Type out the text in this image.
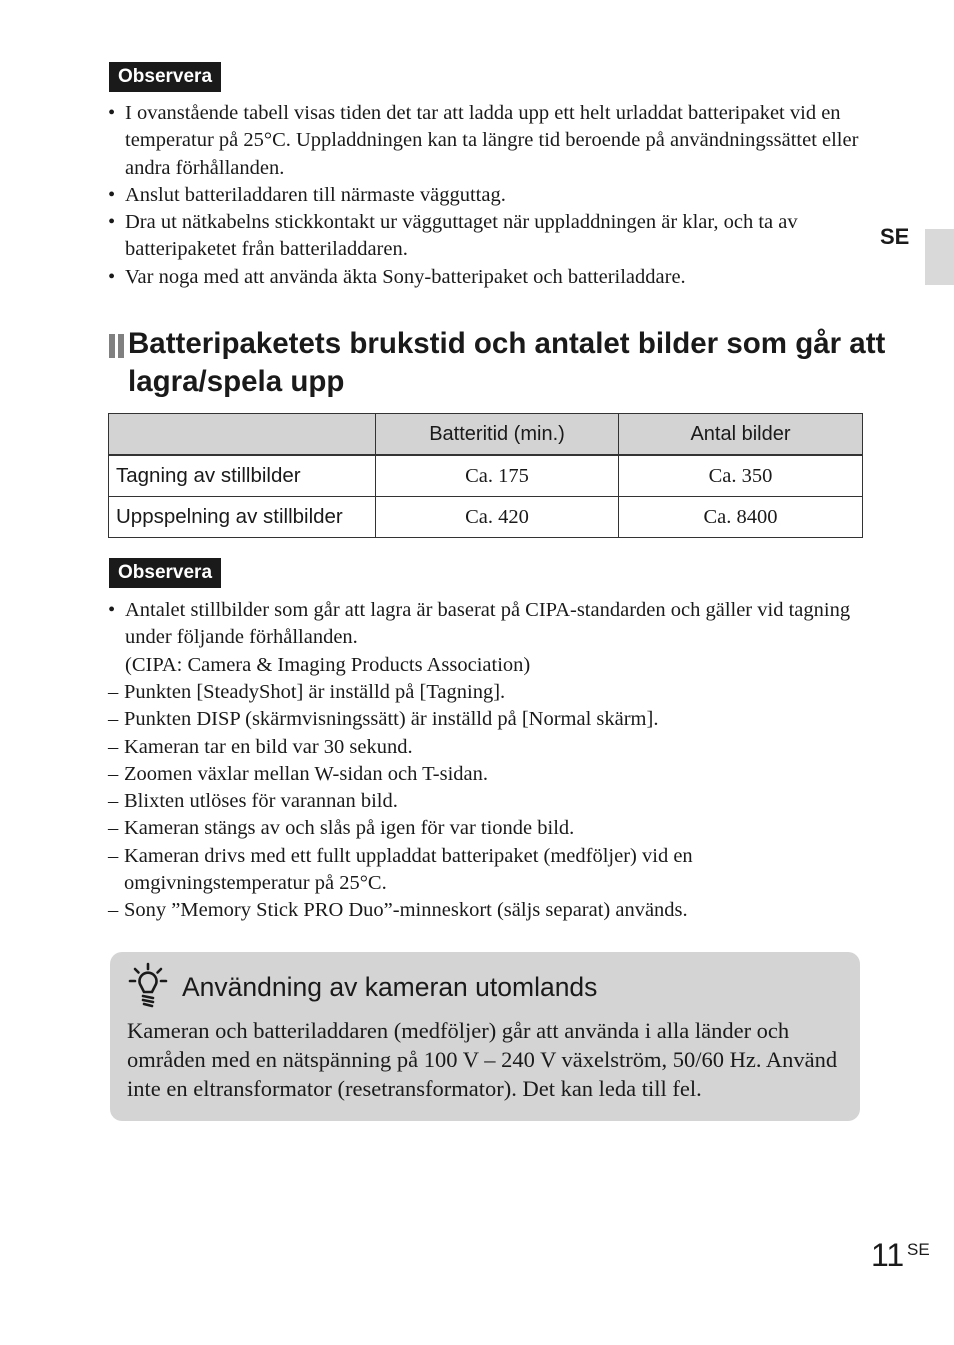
Observera
• I ovanstående tabell visas tiden det tar att ladda upp ett helt urladdat batteripaket vid en temperatur på 25°C. Uppladdningen kan ta längre tid beroende på användningssättet eller andra förhållanden.
• Anslut batteriladdaren till närmaste vägguttag.
• Dra ut nätkabelns stickkontakt ur vägguttaget när uppladdningen är klar, och ta av batteripaketet från batteriladdaren.
• Var noga med att använda äkta Sony-batteripaket och batteriladdare.
SE
Batteripaketets brukstid och antalet bilder som går att lagra/spela upp
	Batteritid (min.)	Antal bilder
Tagning av stillbilder	Ca. 175	Ca. 350
Uppspelning av stillbilder	Ca. 420	Ca. 8400
Observera
• Antalet stillbilder som går att lagra är baserat på CIPA-standarden och gäller vid tagning under följande förhållanden.
(CIPA: Camera & Imaging Products Association)
– Punkten [SteadyShot] är inställd på [Tagning].
– Punkten DISP (skärmvisningssätt) är inställd på [Normal skärm].
– Kameran tar en bild var 30 sekund.
– Zoomen växlar mellan W-sidan och T-sidan.
– Blixten utlöses för varannan bild.
– Kameran stängs av och slås på igen för var tionde bild.
– Kameran drivs med ett fullt uppladdat batteripaket (medföljer) vid en omgivningstemperatur på 25°C.
– Sony ”Memory Stick PRO Duo”-minneskort (säljs separat) används.
Användning av kameran utomlands
Kameran och batteriladdaren (medföljer) går att använda i alla länder och områden med en nätspänning på 100 V – 240 V växelström, 50/60 Hz. Använd inte en eltransformator (resetransformator). Det kan leda till fel.
11 SE
